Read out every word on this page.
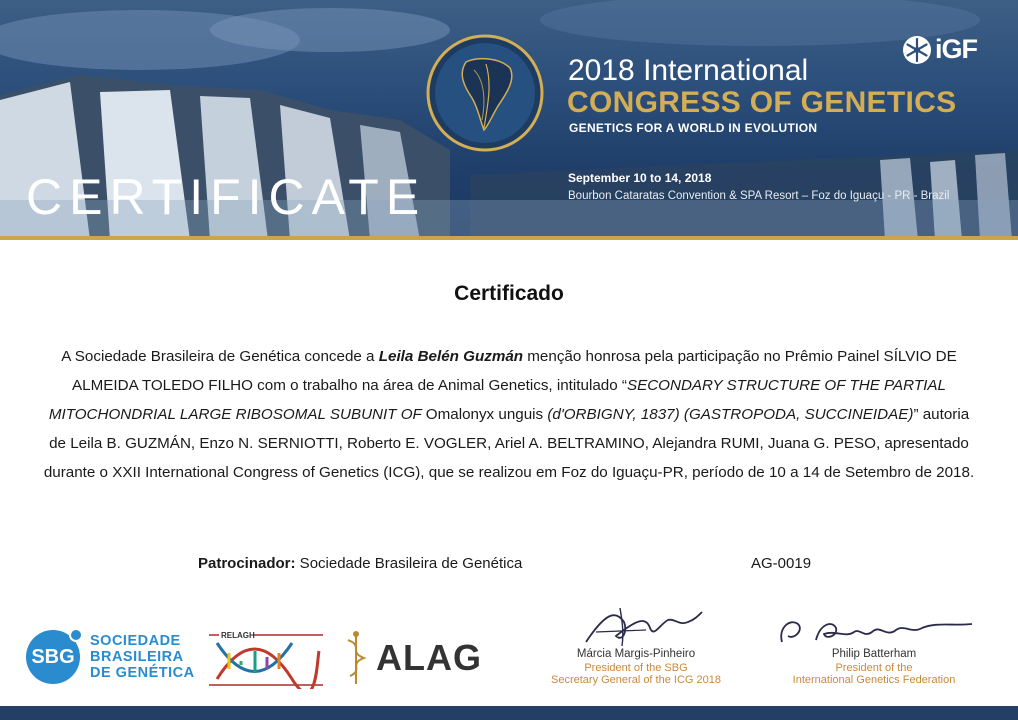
CERTIFICATE
iGF
2018 International
CONGRESS OF GENETICS
GENETICS FOR A WORLD IN EVOLUTION
September 10 to 14, 2018
Bourbon Cataratas Convention & SPA Resort – Foz do Iguaçu - PR - Brazil
Certificado
A Sociedade Brasileira de Genética concede a Leila Belén Guzmán menção honrosa pela participação no Prêmio Painel SÍLVIO DE ALMEIDA TOLEDO FILHO com o trabalho na área de Animal Genetics, intitulado “SECONDARY STRUCTURE OF THE PARTIAL MITOCHONDRIAL LARGE RIBOSOMAL SUBUNIT OF Omalonyx unguis (d'ORBIGNY, 1837) (GASTROPODA, SUCCINEIDAE)” autoria de Leila B. GUZMÁN, Enzo N. SERNIOTTI, Roberto E. VOGLER, Ariel A. BELTRAMINO, Alejandra RUMI, Juana G. PESO, apresentado durante o XXII International Congress of Genetics (ICG), que se realizou em Foz do Iguaçu-PR, período de 10 a 14 de Setembro de 2018.
Patrocinador: Sociedade Brasileira de Genética	AG-0019
SBG
SOCIEDADE
BRASILEIRA
DE GENÉTICA
RELAGH
ALAG	Márcia Margis-Pinheiro
President of the SBG
Secretary General of the ICG 2018
Philip Batterham
President of the
International Genetics Federation
